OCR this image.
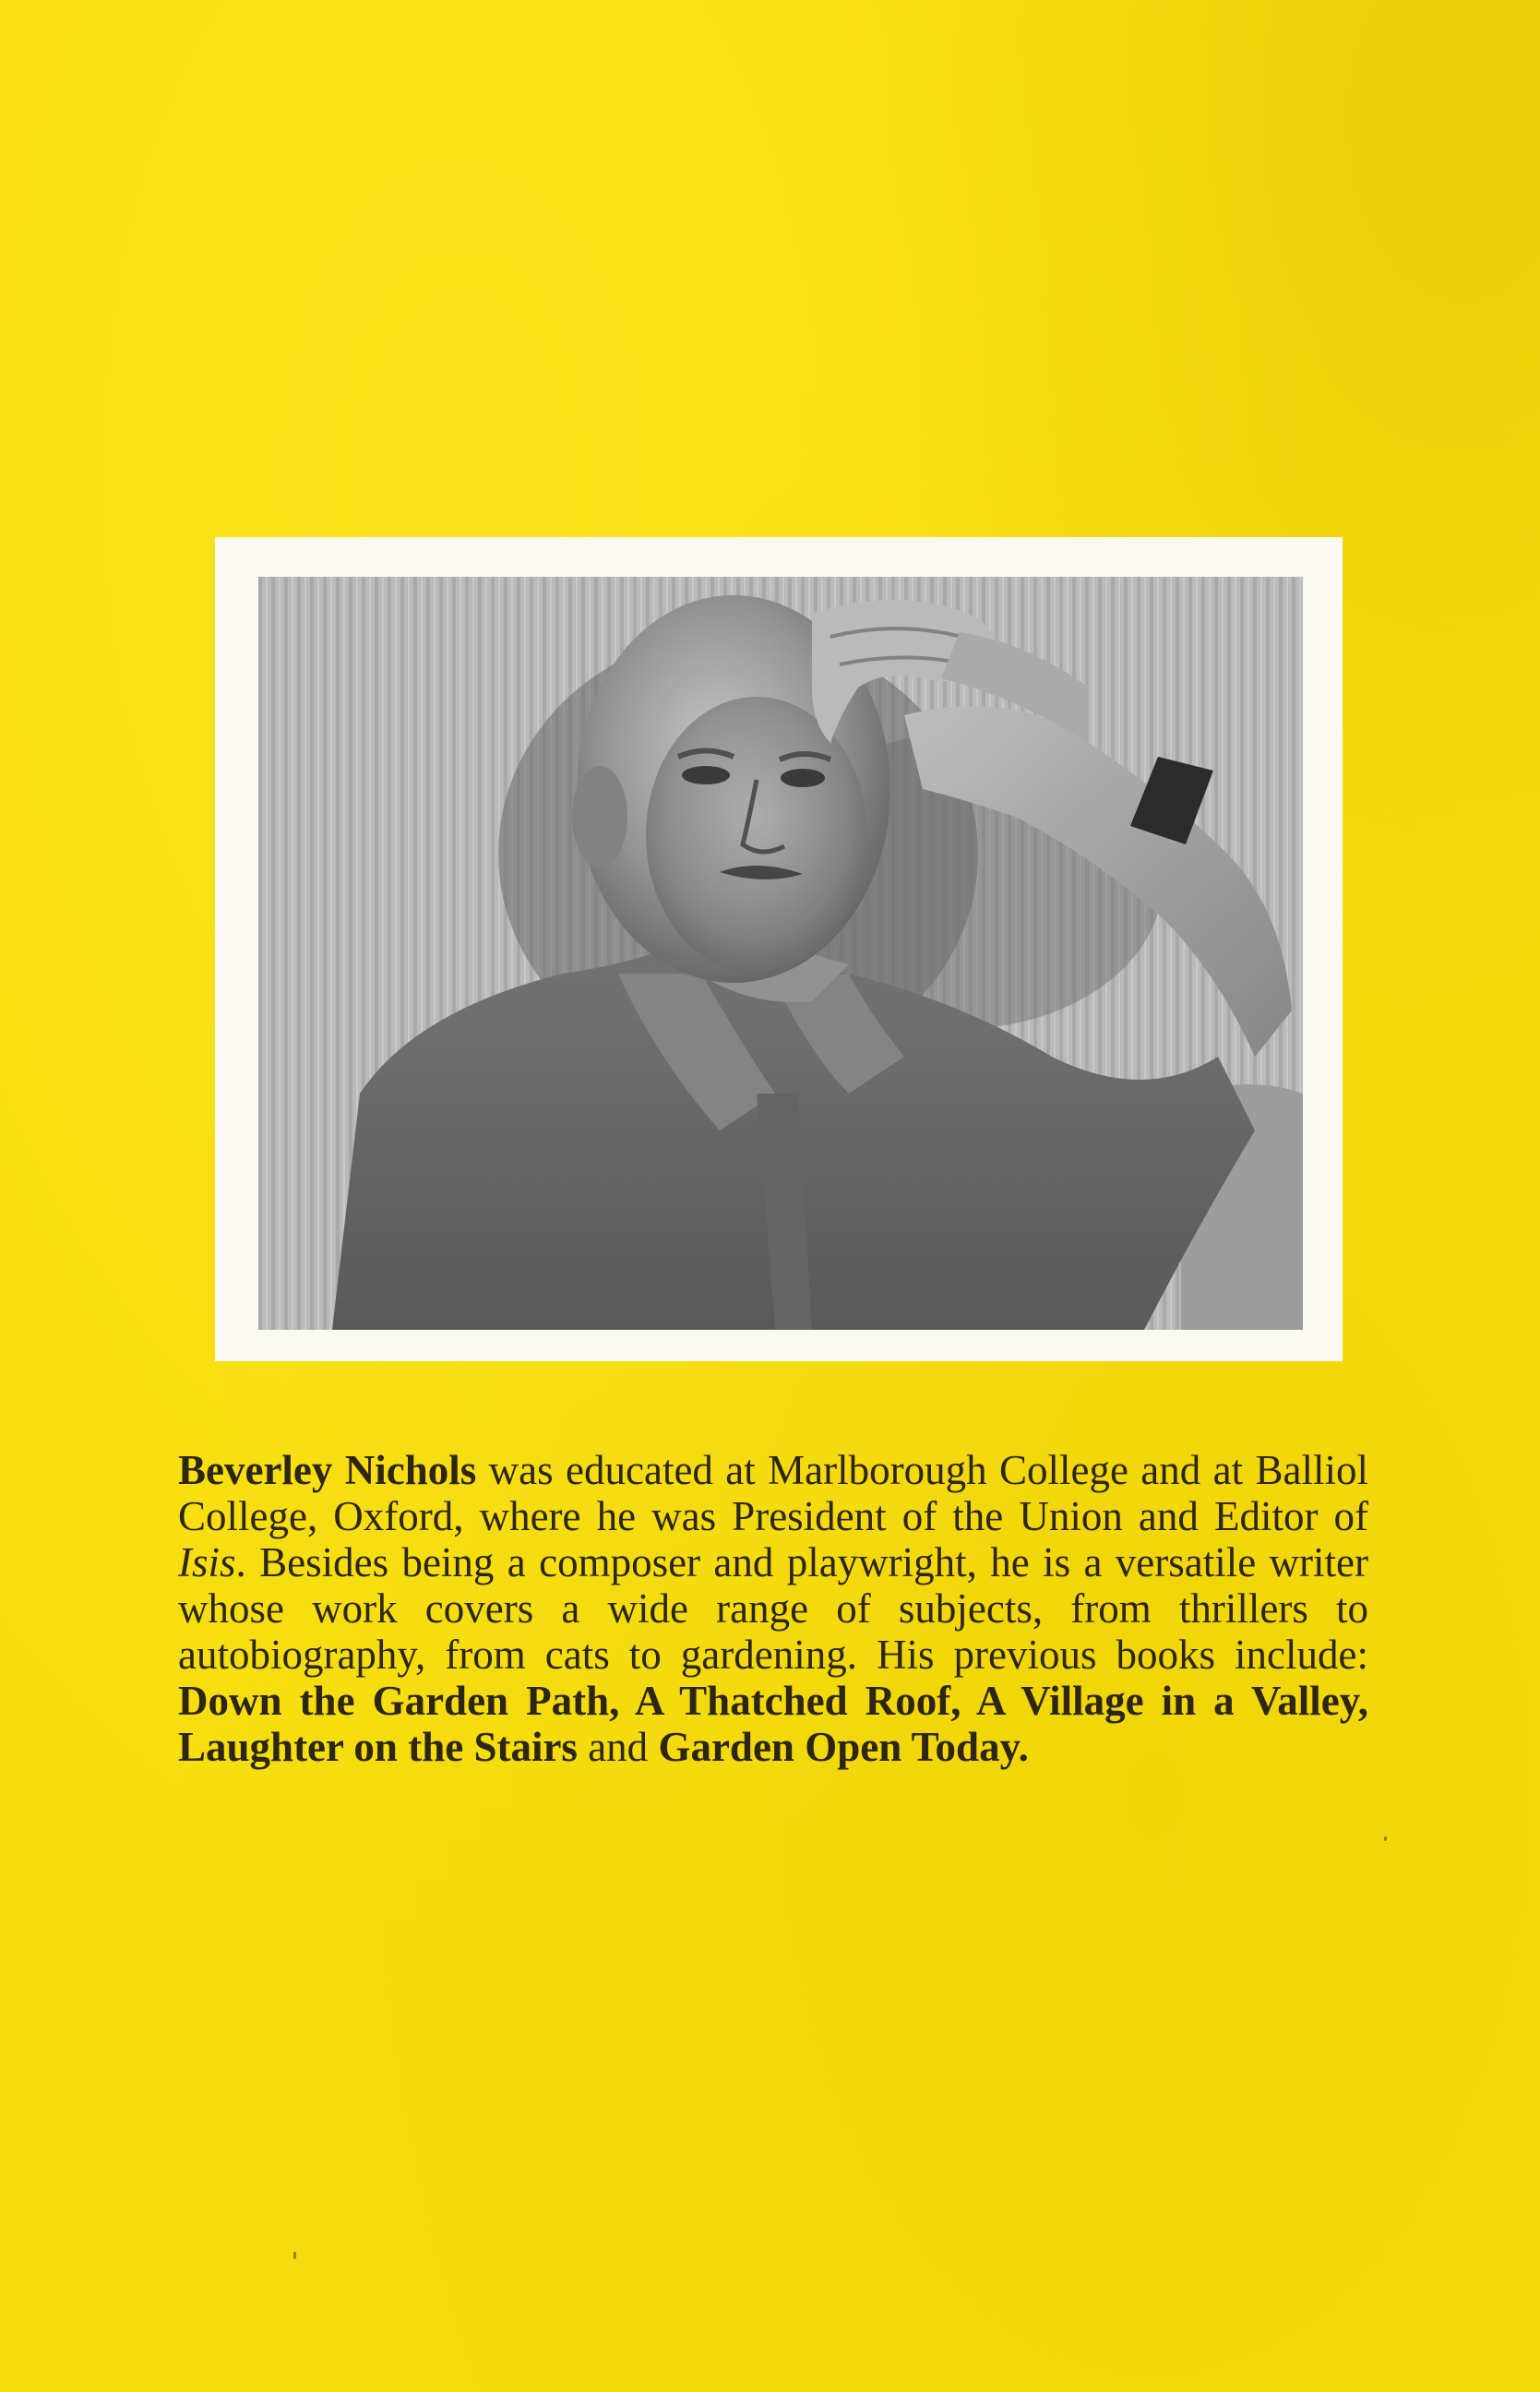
Beverley Nichols was educated at Marlborough College and at Balliol College, Oxford, where he was President of the Union and Editor of Isis. Besides being a composer and playwright, he is a versatile writer whose work covers a wide range of subjects, from thrillers to autobiography, from cats to gardening. His previous books include: Down the Garden Path, A Thatched Roof, A Village in a Valley, Laughter on the Stairs and Garden Open Today.
